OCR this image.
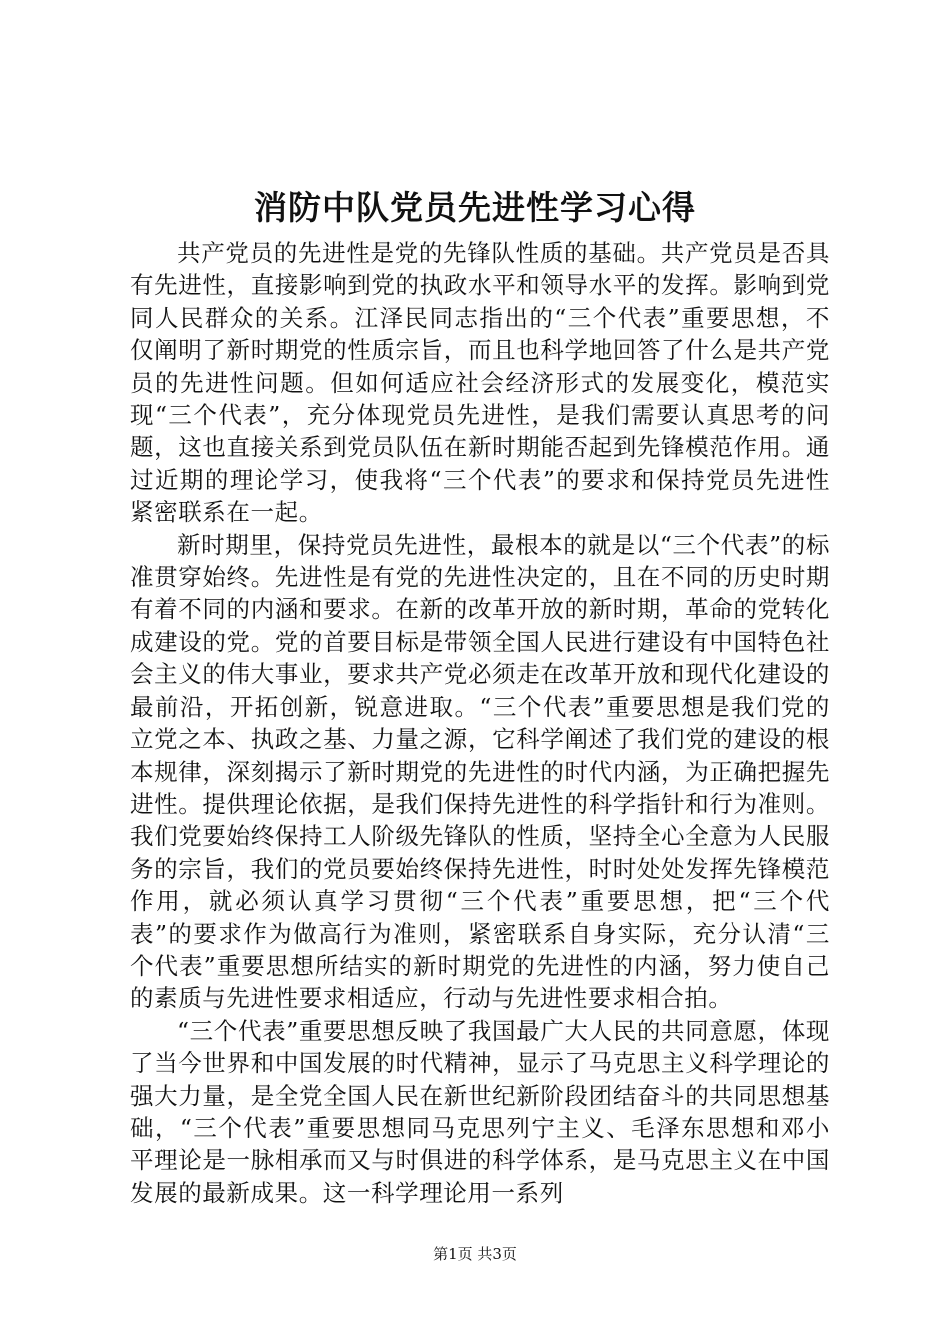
消防中队党员先进性学习心得

共产党员的先进性是党的先锋队性质的基础。共产党员是否具有先进性，直接影响到党的执政水平和领导水平的发挥。影响到党同人民群众的关系。江泽民同志指出的“三个代表”重要思想，不仅阐明了新时期党的性质宗旨，而且也科学地回答了什么是共产党员的先进性问题。但如何适应社会经济形式的发展变化，模范实现“三个代表”，充分体现党员先进性，是我们需要认真思考的问题，这也直接关系到党员队伍在新时期能否起到先锋模范作用。通过近期的理论学习，使我将“三个代表”的要求和保持党员先进性紧密联系在一起。

新时期里，保持党员先进性，最根本的就是以“三个代表”的标准贯穿始终。先进性是有党的先进性决定的，且在不同的历史时期有着不同的内涵和要求。在新的改革开放的新时期，革命的党转化成建设的党。党的首要目标是带领全国人民进行建设有中国特色社会主义的伟大事业，要求共产党必须走在改革开放和现代化建设的最前沿，开拓创新，锐意进取。“三个代表”重要思想是我们党的立党之本、执政之基、力量之源，它科学阐述了我们党的建设的根本规律，深刻揭示了新时期党的先进性的时代内涵，为正确把握先进性。提供理论依据，是我们保持先进性的科学指针和行为准则。我们党要始终保持工人阶级先锋队的性质，坚持全心全意为人民服务的宗旨，我们的党员要始终保持先进性，时时处处发挥先锋模范作用，就必须认真学习贯彻“三个代表”重要思想，把“三个代表”的要求作为做高行为准则，紧密联系自身实际，充分认清“三个代表”重要思想所结实的新时期党的先进性的内涵，努力使自己的素质与先进性要求相适应，行动与先进性要求相合拍。

“三个代表”重要思想反映了我国最广大人民的共同意愿，体现了当今世界和中国发展的时代精神，显示了马克思主义科学理论的强大力量，是全党全国人民在新世纪新阶段团结奋斗的共同思想基础，“三个代表”重要思想同马克思列宁主义、毛泽东思想和邓小平理论是一脉相承而又与时俱进的科学体系，是马克思主义在中国发展的最新成果。这一科学理论用一系列

第1页 共3页
